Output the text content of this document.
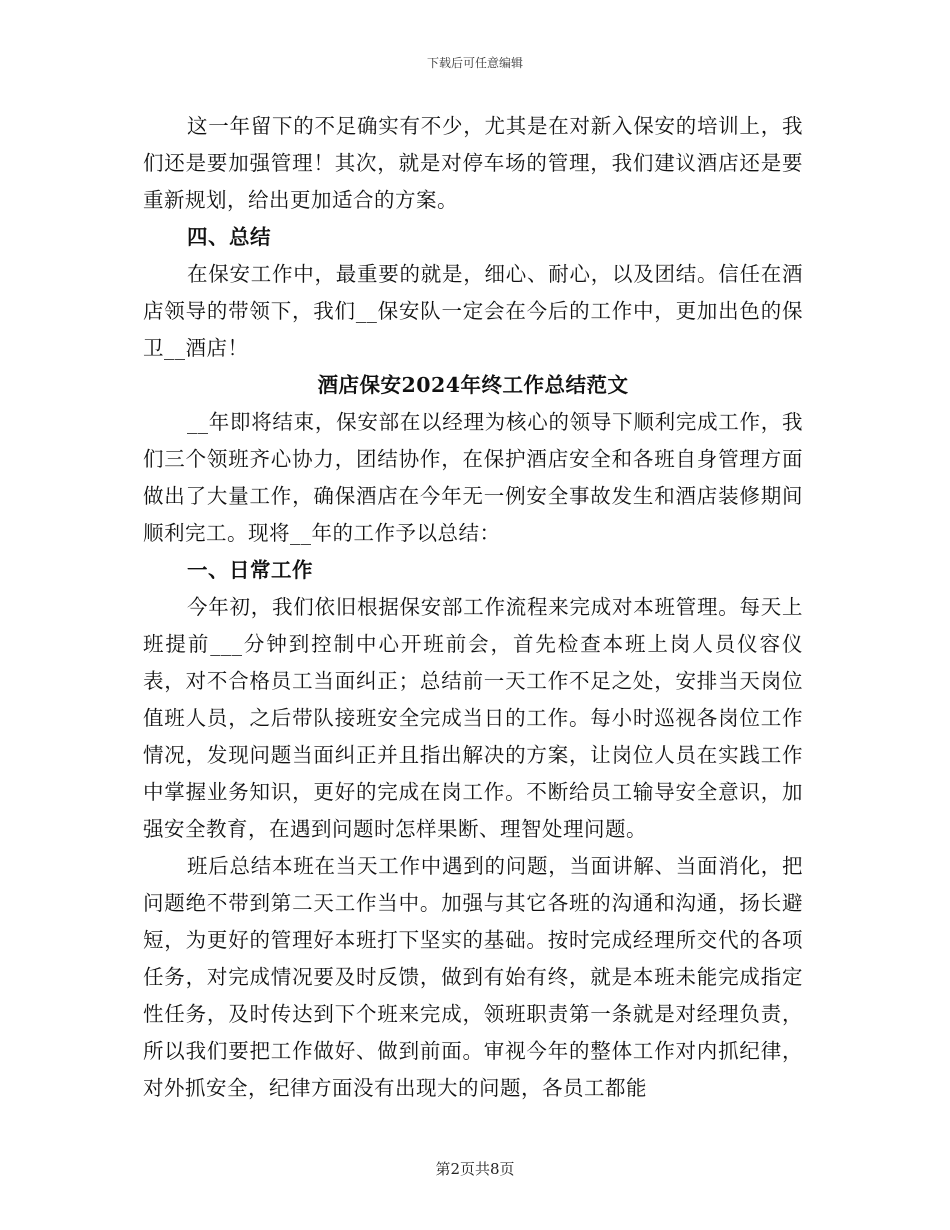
下载后可任意编辑

这一年留下的不足确实有不少，尤其是在对新入保安的培训上，我们还是要加强管理！其次，就是对停车场的管理，我们建议酒店还是要重新规划，给出更加适合的方案。

四、总结

在保安工作中，最重要的就是，细心、耐心，以及团结。信任在酒店领导的带领下，我们__保安队一定会在今后的工作中，更加出色的保卫__酒店！

酒店保安2024年终工作总结范文

__年即将结束，保安部在以经理为核心的领导下顺利完成工作，我们三个领班齐心协力，团结协作，在保护酒店安全和各班自身管理方面做出了大量工作，确保酒店在今年无一例安全事故发生和酒店装修期间顺利完工。现将__年的工作予以总结：

一、日常工作

今年初，我们依旧根据保安部工作流程来完成对本班管理。每天上班提前___分钟到控制中心开班前会，首先检查本班上岗人员仪容仪表，对不合格员工当面纠正；总结前一天工作不足之处，安排当天岗位值班人员，之后带队接班安全完成当日的工作。每小时巡视各岗位工作情况，发现问题当面纠正并且指出解决的方案，让岗位人员在实践工作中掌握业务知识，更好的完成在岗工作。不断给员工输导安全意识，加强安全教育，在遇到问题时怎样果断、理智处理问题。

班后总结本班在当天工作中遇到的问题，当面讲解、当面消化，把问题绝不带到第二天工作当中。加强与其它各班的沟通和沟通，扬长避短，为更好的管理好本班打下坚实的基础。按时完成经理所交代的各项任务，对完成情况要及时反馈，做到有始有终，就是本班未能完成指定性任务，及时传达到下个班来完成，领班职责第一条就是对经理负责，所以我们要把工作做好、做到前面。审视今年的整体工作对内抓纪律，对外抓安全，纪律方面没有出现大的问题，各员工都能

第2页共8页
